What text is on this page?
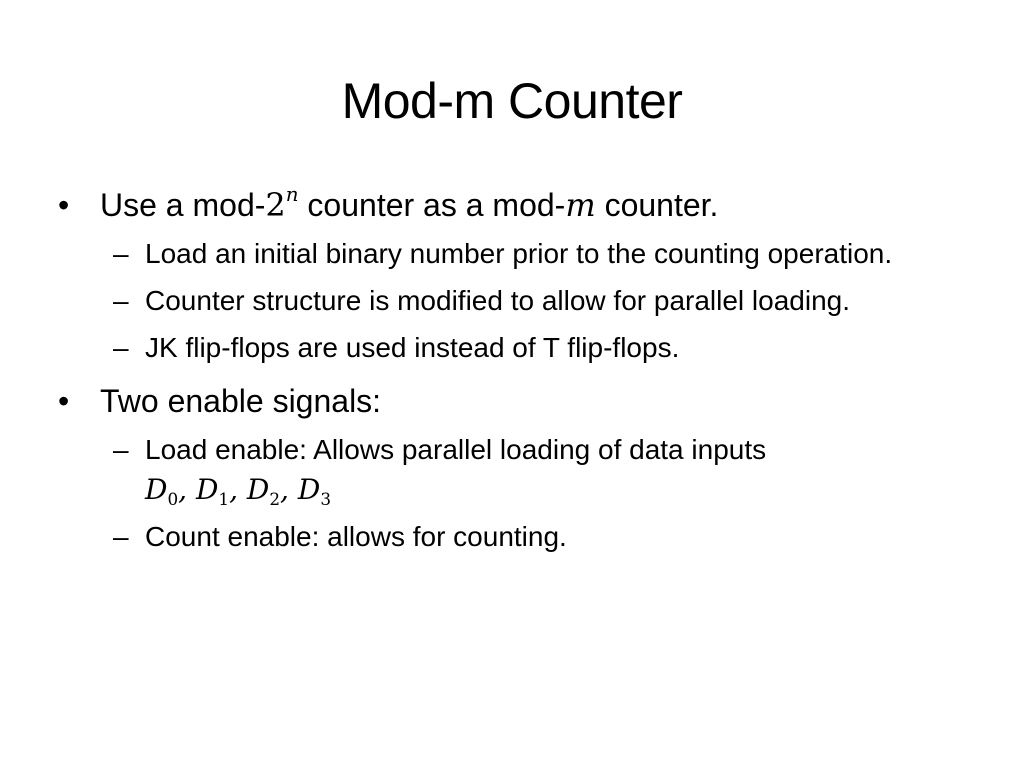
Mod-m Counter
• Use a mod-2$^n$ counter as a mod-m counter.
– Load an initial binary number prior to the counting operation.
– Counter structure is modified to allow for parallel loading.
– JK flip-flops are used instead of T flip-flops.
• Two enable signals:
– Load enable: Allows parallel loading of data inputs
$D_0$, $D_1$, $D_2$, $D_3$
– Count enable: allows for counting.
